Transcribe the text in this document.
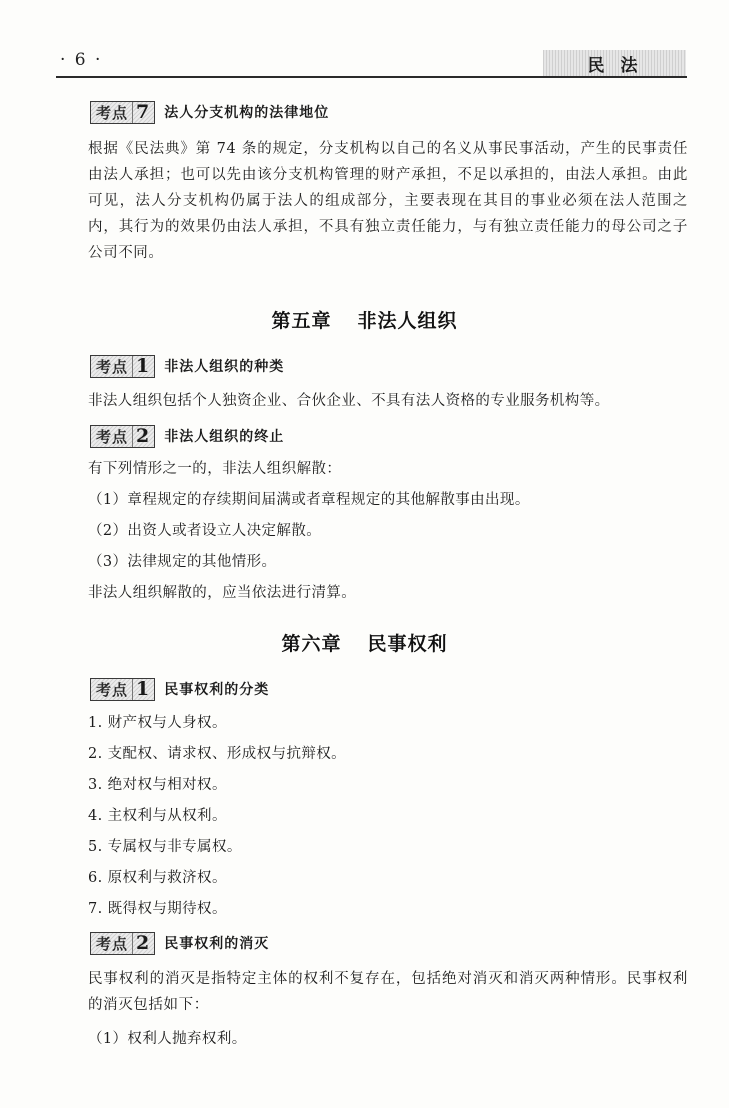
· 6 ·	民法
考点 7	法人分支机构的法律地位

根据《民法典》第 74 条的规定，分支机构以自己的名义从事民事活动，产生的民事责任由法人承担；也可以先由该分支机构管理的财产承担，不足以承担的，由法人承担。由此可见，法人分支机构仍属于法人的组成部分，主要表现在其目的事业必须在法人范围之内，其行为的效果仍由法人承担，不具有独立责任能力，与有独立责任能力的母公司之子公司不同。

第五章 非法人组织
考点 1	非法人组织的种类

非法人组织包括个人独资企业、合伙企业、不具有法人资格的专业服务机构等。

考点 2	非法人组织的终止

有下列情形之一的，非法人组织解散：

（1）章程规定的存续期间届满或者章程规定的其他解散事由出现。

（2）出资人或者设立人决定解散。

（3）法律规定的其他情形。

非法人组织解散的，应当依法进行清算。

第六章 民事权利
考点 1	民事权利的分类

1. 财产权与人身权。

2. 支配权、请求权、形成权与抗辩权。

3. 绝对权与相对权。

4. 主权利与从权利。

5. 专属权与非专属权。

6. 原权利与救济权。

7. 既得权与期待权。

考点 2	民事权利的消灭

民事权利的消灭是指特定主体的权利不复存在，包括绝对消灭和消灭两种情形。民事权利的消灭包括如下：

（1）权利人抛弃权利。
